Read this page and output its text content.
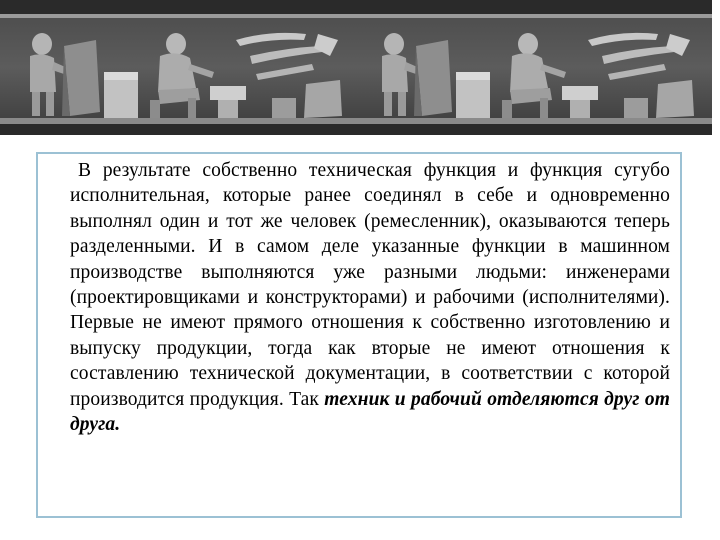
В результате собственно техническая функция и функция сугубо исполнительная, которые ранее соединял в себе и одновременно выполнял один и тот же человек (ремесленник), оказываются теперь разделенными. И в самом деле указанные функции в машинном производстве выполняются уже разными людьми: инженерами (проектировщиками и конструкторами) и рабочими (исполнителями). Первые не имеют прямого отношения к собственно изготовлению и выпуску продукции, тогда как вторые не имеют отношения к составлению технической документации, в соответствии с которой производится продукция. Так техник и рабочий отделяются друг от друга.
